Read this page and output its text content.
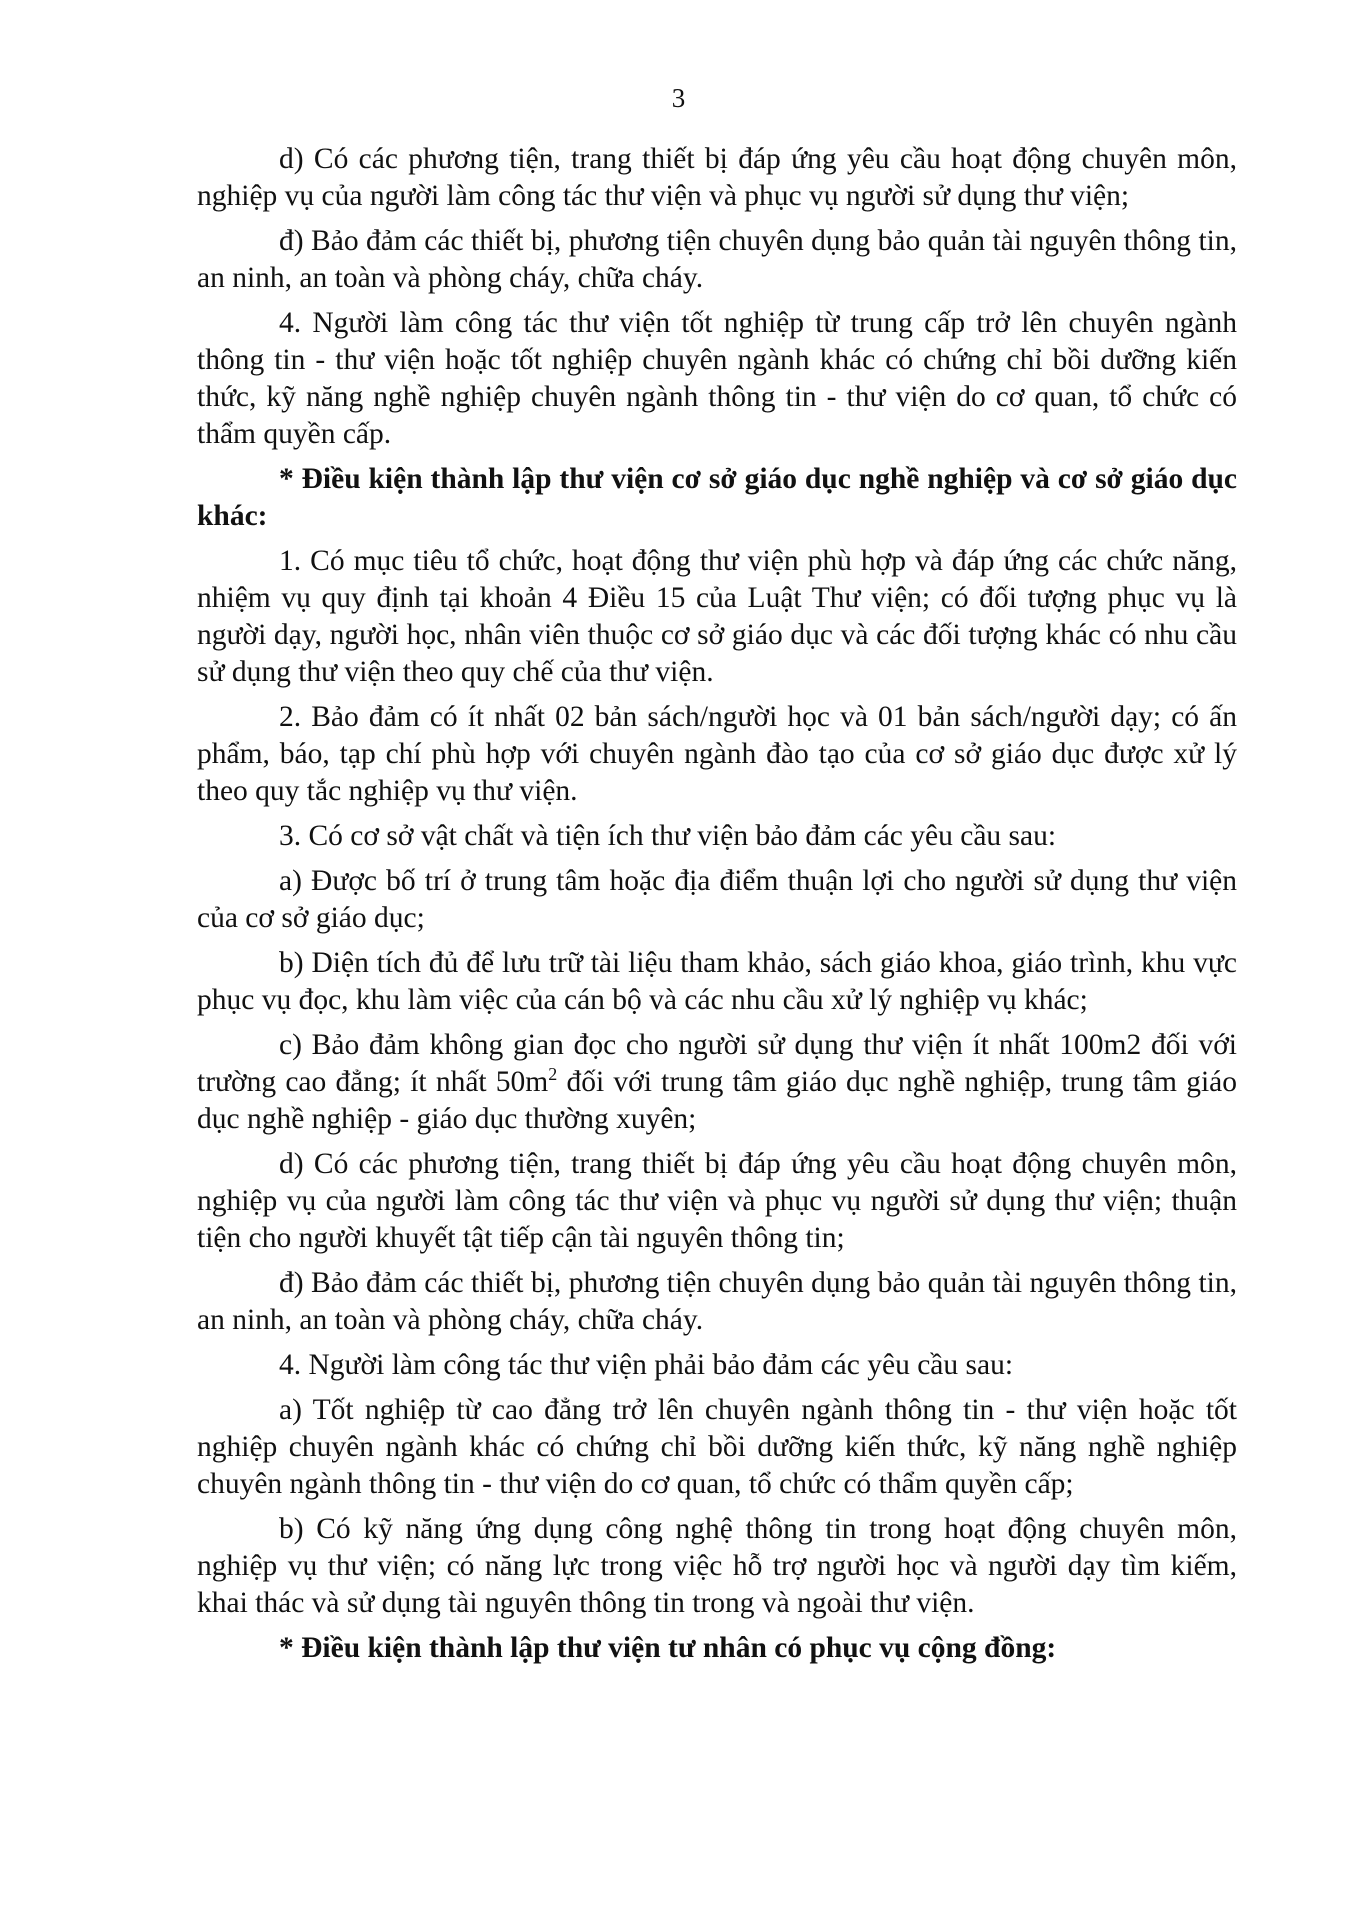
3

d) Có các phương tiện, trang thiết bị đáp ứng yêu cầu hoạt động chuyên môn, nghiệp vụ của người làm công tác thư viện và phục vụ người sử dụng thư viện;

đ) Bảo đảm các thiết bị, phương tiện chuyên dụng bảo quản tài nguyên thông tin, an ninh, an toàn và phòng cháy, chữa cháy.

4. Người làm công tác thư viện tốt nghiệp từ trung cấp trở lên chuyên ngành thông tin - thư viện hoặc tốt nghiệp chuyên ngành khác có chứng chỉ bồi dưỡng kiến thức, kỹ năng nghề nghiệp chuyên ngành thông tin - thư viện do cơ quan, tổ chức có thẩm quyền cấp.

* Điều kiện thành lập thư viện cơ sở giáo dục nghề nghiệp và cơ sở giáo dục khác:

1. Có mục tiêu tổ chức, hoạt động thư viện phù hợp và đáp ứng các chức năng, nhiệm vụ quy định tại khoản 4 Điều 15 của Luật Thư viện; có đối tượng phục vụ là người dạy, người học, nhân viên thuộc cơ sở giáo dục và các đối tượng khác có nhu cầu sử dụng thư viện theo quy chế của thư viện.

2. Bảo đảm có ít nhất 02 bản sách/người học và 01 bản sách/người dạy; có ấn phẩm, báo, tạp chí phù hợp với chuyên ngành đào tạo của cơ sở giáo dục được xử lý theo quy tắc nghiệp vụ thư viện.

3. Có cơ sở vật chất và tiện ích thư viện bảo đảm các yêu cầu sau:

a) Được bố trí ở trung tâm hoặc địa điểm thuận lợi cho người sử dụng thư viện của cơ sở giáo dục;

b) Diện tích đủ để lưu trữ tài liệu tham khảo, sách giáo khoa, giáo trình, khu vực phục vụ đọc, khu làm việc của cán bộ và các nhu cầu xử lý nghiệp vụ khác;

c) Bảo đảm không gian đọc cho người sử dụng thư viện ít nhất 100m2 đối với trường cao đẳng; ít nhất $50m^2$ đối với trung tâm giáo dục nghề nghiệp, trung tâm giáo dục nghề nghiệp - giáo dục thường xuyên;

d) Có các phương tiện, trang thiết bị đáp ứng yêu cầu hoạt động chuyên môn, nghiệp vụ của người làm công tác thư viện và phục vụ người sử dụng thư viện; thuận tiện cho người khuyết tật tiếp cận tài nguyên thông tin;

đ) Bảo đảm các thiết bị, phương tiện chuyên dụng bảo quản tài nguyên thông tin, an ninh, an toàn và phòng cháy, chữa cháy.

4. Người làm công tác thư viện phải bảo đảm các yêu cầu sau:

a) Tốt nghiệp từ cao đẳng trở lên chuyên ngành thông tin - thư viện hoặc tốt nghiệp chuyên ngành khác có chứng chỉ bồi dưỡng kiến thức, kỹ năng nghề nghiệp chuyên ngành thông tin - thư viện do cơ quan, tổ chức có thẩm quyền cấp;

b) Có kỹ năng ứng dụng công nghệ thông tin trong hoạt động chuyên môn, nghiệp vụ thư viện; có năng lực trong việc hỗ trợ người học và người dạy tìm kiếm, khai thác và sử dụng tài nguyên thông tin trong và ngoài thư viện.

* Điều kiện thành lập thư viện tư nhân có phục vụ cộng đồng:
